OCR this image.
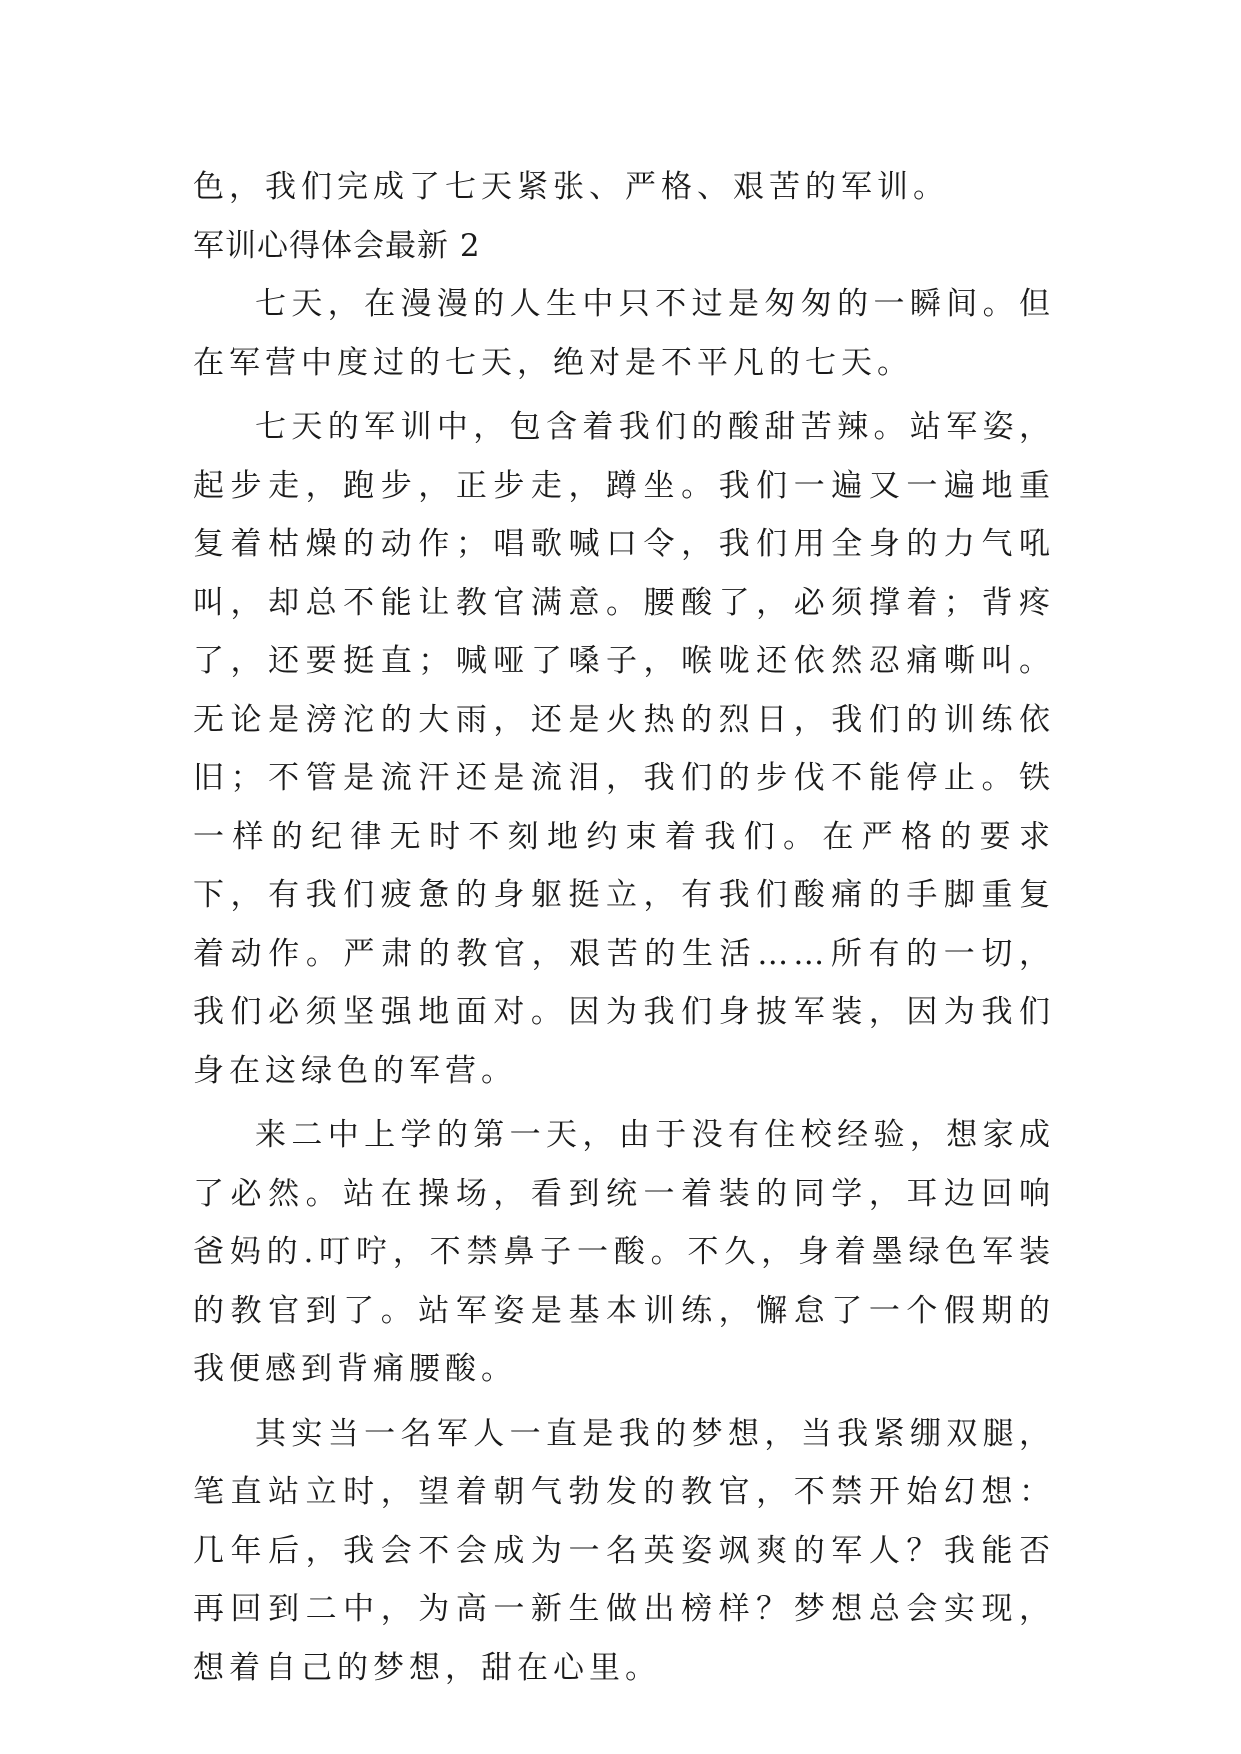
色，我们完成了七天紧张、严格、艰苦的军训。

军训心得体会最新 2

七天，在漫漫的人生中只不过是匆匆的一瞬间。但在军营中度过的七天，绝对是不平凡的七天。

七天的军训中，包含着我们的酸甜苦辣。站军姿，起步走，跑步，正步走，蹲坐。我们一遍又一遍地重复着枯燥的动作；唱歌喊口令，我们用全身的力气吼叫，却总不能让教官满意。腰酸了，必须撑着；背疼了，还要挺直；喊哑了嗓子，喉咙还依然忍痛嘶叫。无论是滂沱的大雨，还是火热的烈日，我们的训练依旧；不管是流汗还是流泪，我们的步伐不能停止。铁一样的纪律无时不刻地约束着我们。在严格的要求下，有我们疲惫的身躯挺立，有我们酸痛的手脚重复着动作。严肃的教官，艰苦的生活……所有的一切，我们必须坚强地面对。因为我们身披军装，因为我们身在这绿色的军营。

来二中上学的第一天，由于没有住校经验，想家成了必然。站在操场，看到统一着装的同学，耳边回响爸妈的.叮咛，不禁鼻子一酸。不久，身着墨绿色军装的教官到了。站军姿是基本训练，懈怠了一个假期的我便感到背痛腰酸。

其实当一名军人一直是我的梦想，当我紧绷双腿，笔直站立时，望着朝气勃发的教官，不禁开始幻想：几年后，我会不会成为一名英姿飒爽的军人？我能否再回到二中，为高一新生做出榜样？梦想总会实现，想着自己的梦想，甜在心里。
